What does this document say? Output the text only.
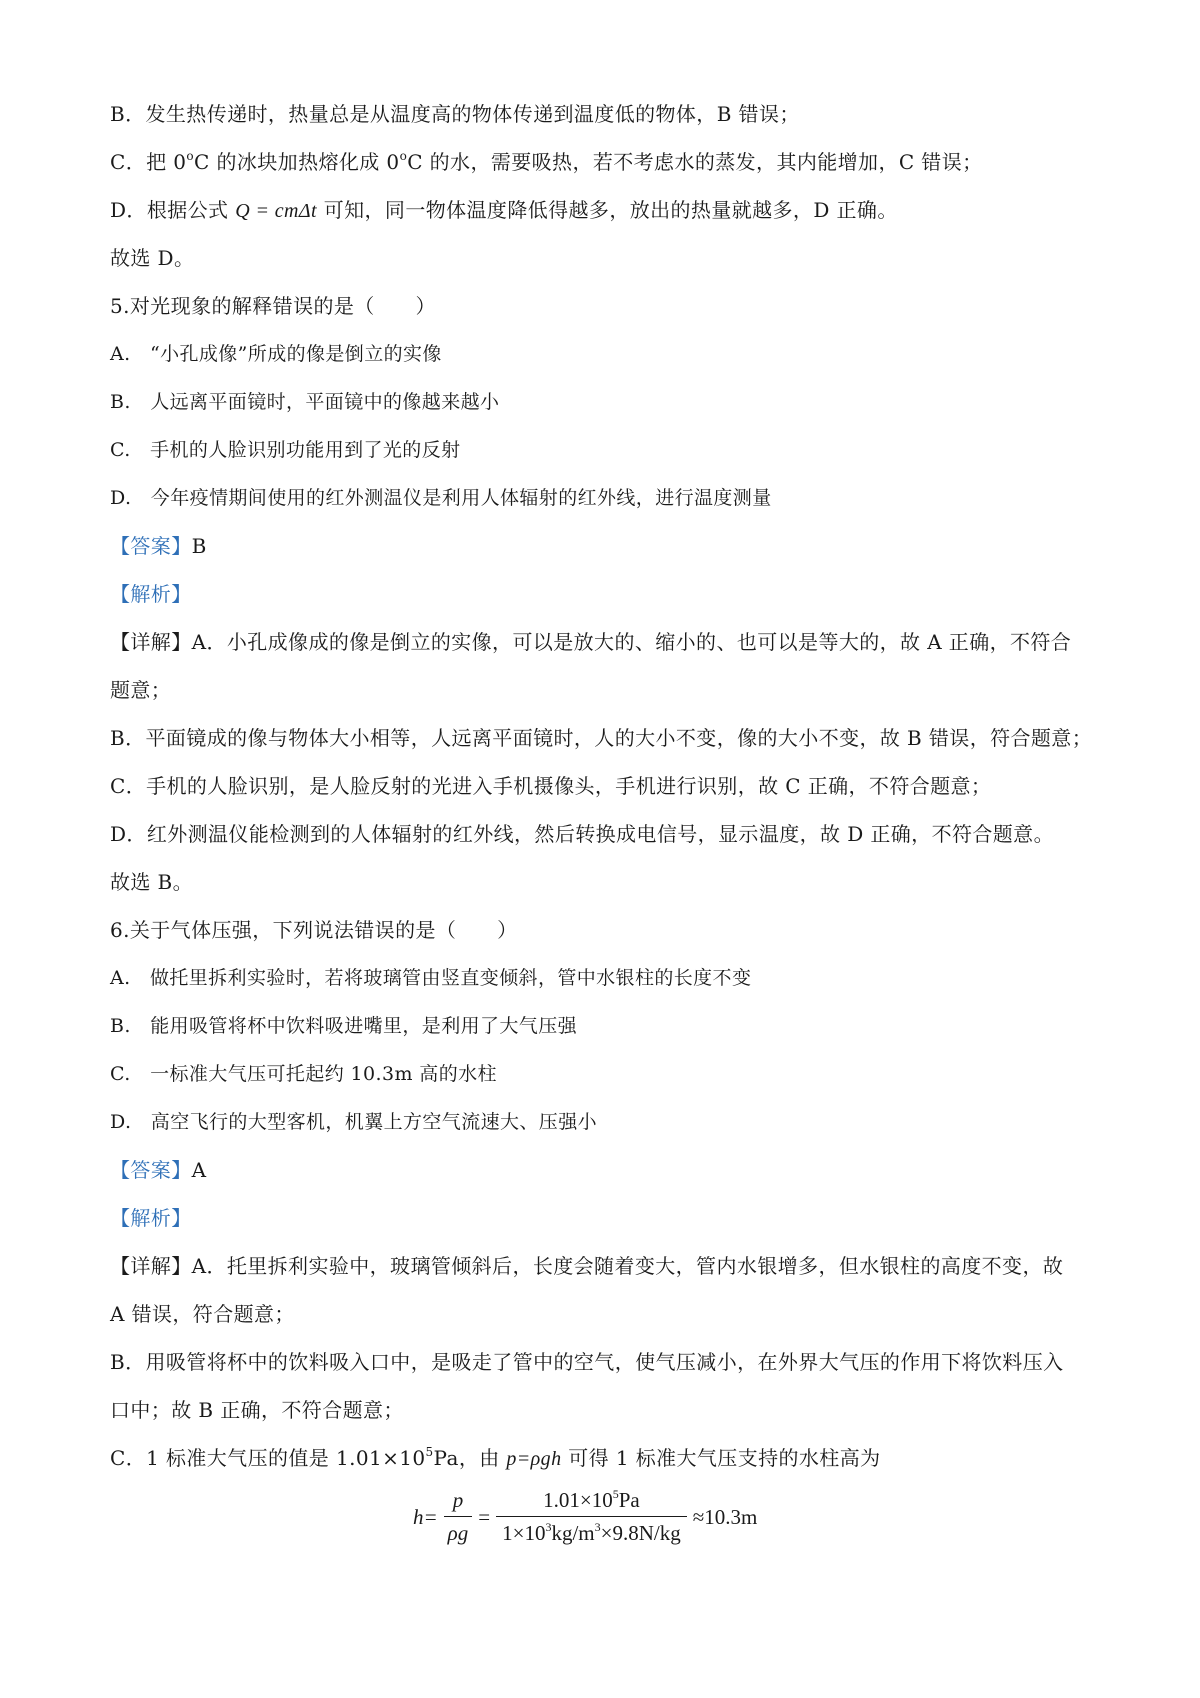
B．发生热传递时，热量总是从温度高的物体传递到温度低的物体，B 错误；
C．把 0$^o$C 的冰块加热熔化成 0$^o$C 的水，需要吸热，若不考虑水的蒸发，其内能增加，C 错误；
D．根据公式 Q = cmΔt 可知，同一物体温度降低得越多，放出的热量就越多，D 正确。
故选 D。
5.对光现象的解释错误的是（　　）
A.　“小孔成像”所成的像是倒立的实像
B.　人远离平面镜时，平面镜中的像越来越小
C.　手机的人脸识别功能用到了光的反射
D.　今年疫情期间使用的红外测温仪是利用人体辐射的红外线，进行温度测量
【答案】B
【解析】
【详解】A．小孔成像成的像是倒立的实像，可以是放大的、缩小的、也可以是等大的，故 A 正确，不符合
题意；
B．平面镜成的像与物体大小相等，人远离平面镜时，人的大小不变，像的大小不变，故 B 错误，符合题意；
C．手机的人脸识别，是人脸反射的光进入手机摄像头，手机进行识别，故 C 正确，不符合题意；
D．红外测温仪能检测到的人体辐射的红外线，然后转换成电信号，显示温度，故 D 正确，不符合题意。
故选 B。
6.关于气体压强，下列说法错误的是（　　）
A.　做托里拆利实验时，若将玻璃管由竖直变倾斜，管中水银柱的长度不变
B.　能用吸管将杯中饮料吸进嘴里，是利用了大气压强
C.　一标准大气压可托起约 10.3m 高的水柱
D.　高空飞行的大型客机，机翼上方空气流速大、压强小
【答案】A
【解析】
【详解】A．托里拆利实验中，玻璃管倾斜后，长度会随着变大，管内水银增多，但水银柱的高度不变，故
A 错误，符合题意；
B．用吸管将杯中的饮料吸入口中，是吸走了管中的空气，使气压减小，在外界大气压的作用下将饮料压入
口中；故 B 正确，不符合题意；
C．1 标准大气压的值是 $1.01\times 10^5Pa$，由 p=ρgh 可得 1 标准大气压支持的水柱高为
$h= \frac{p}{\rho g} = \frac{1.01\times 10^5Pa}{1\times 10^3kg/m^3\times 9.8N/kg} \approx 10.3m$
